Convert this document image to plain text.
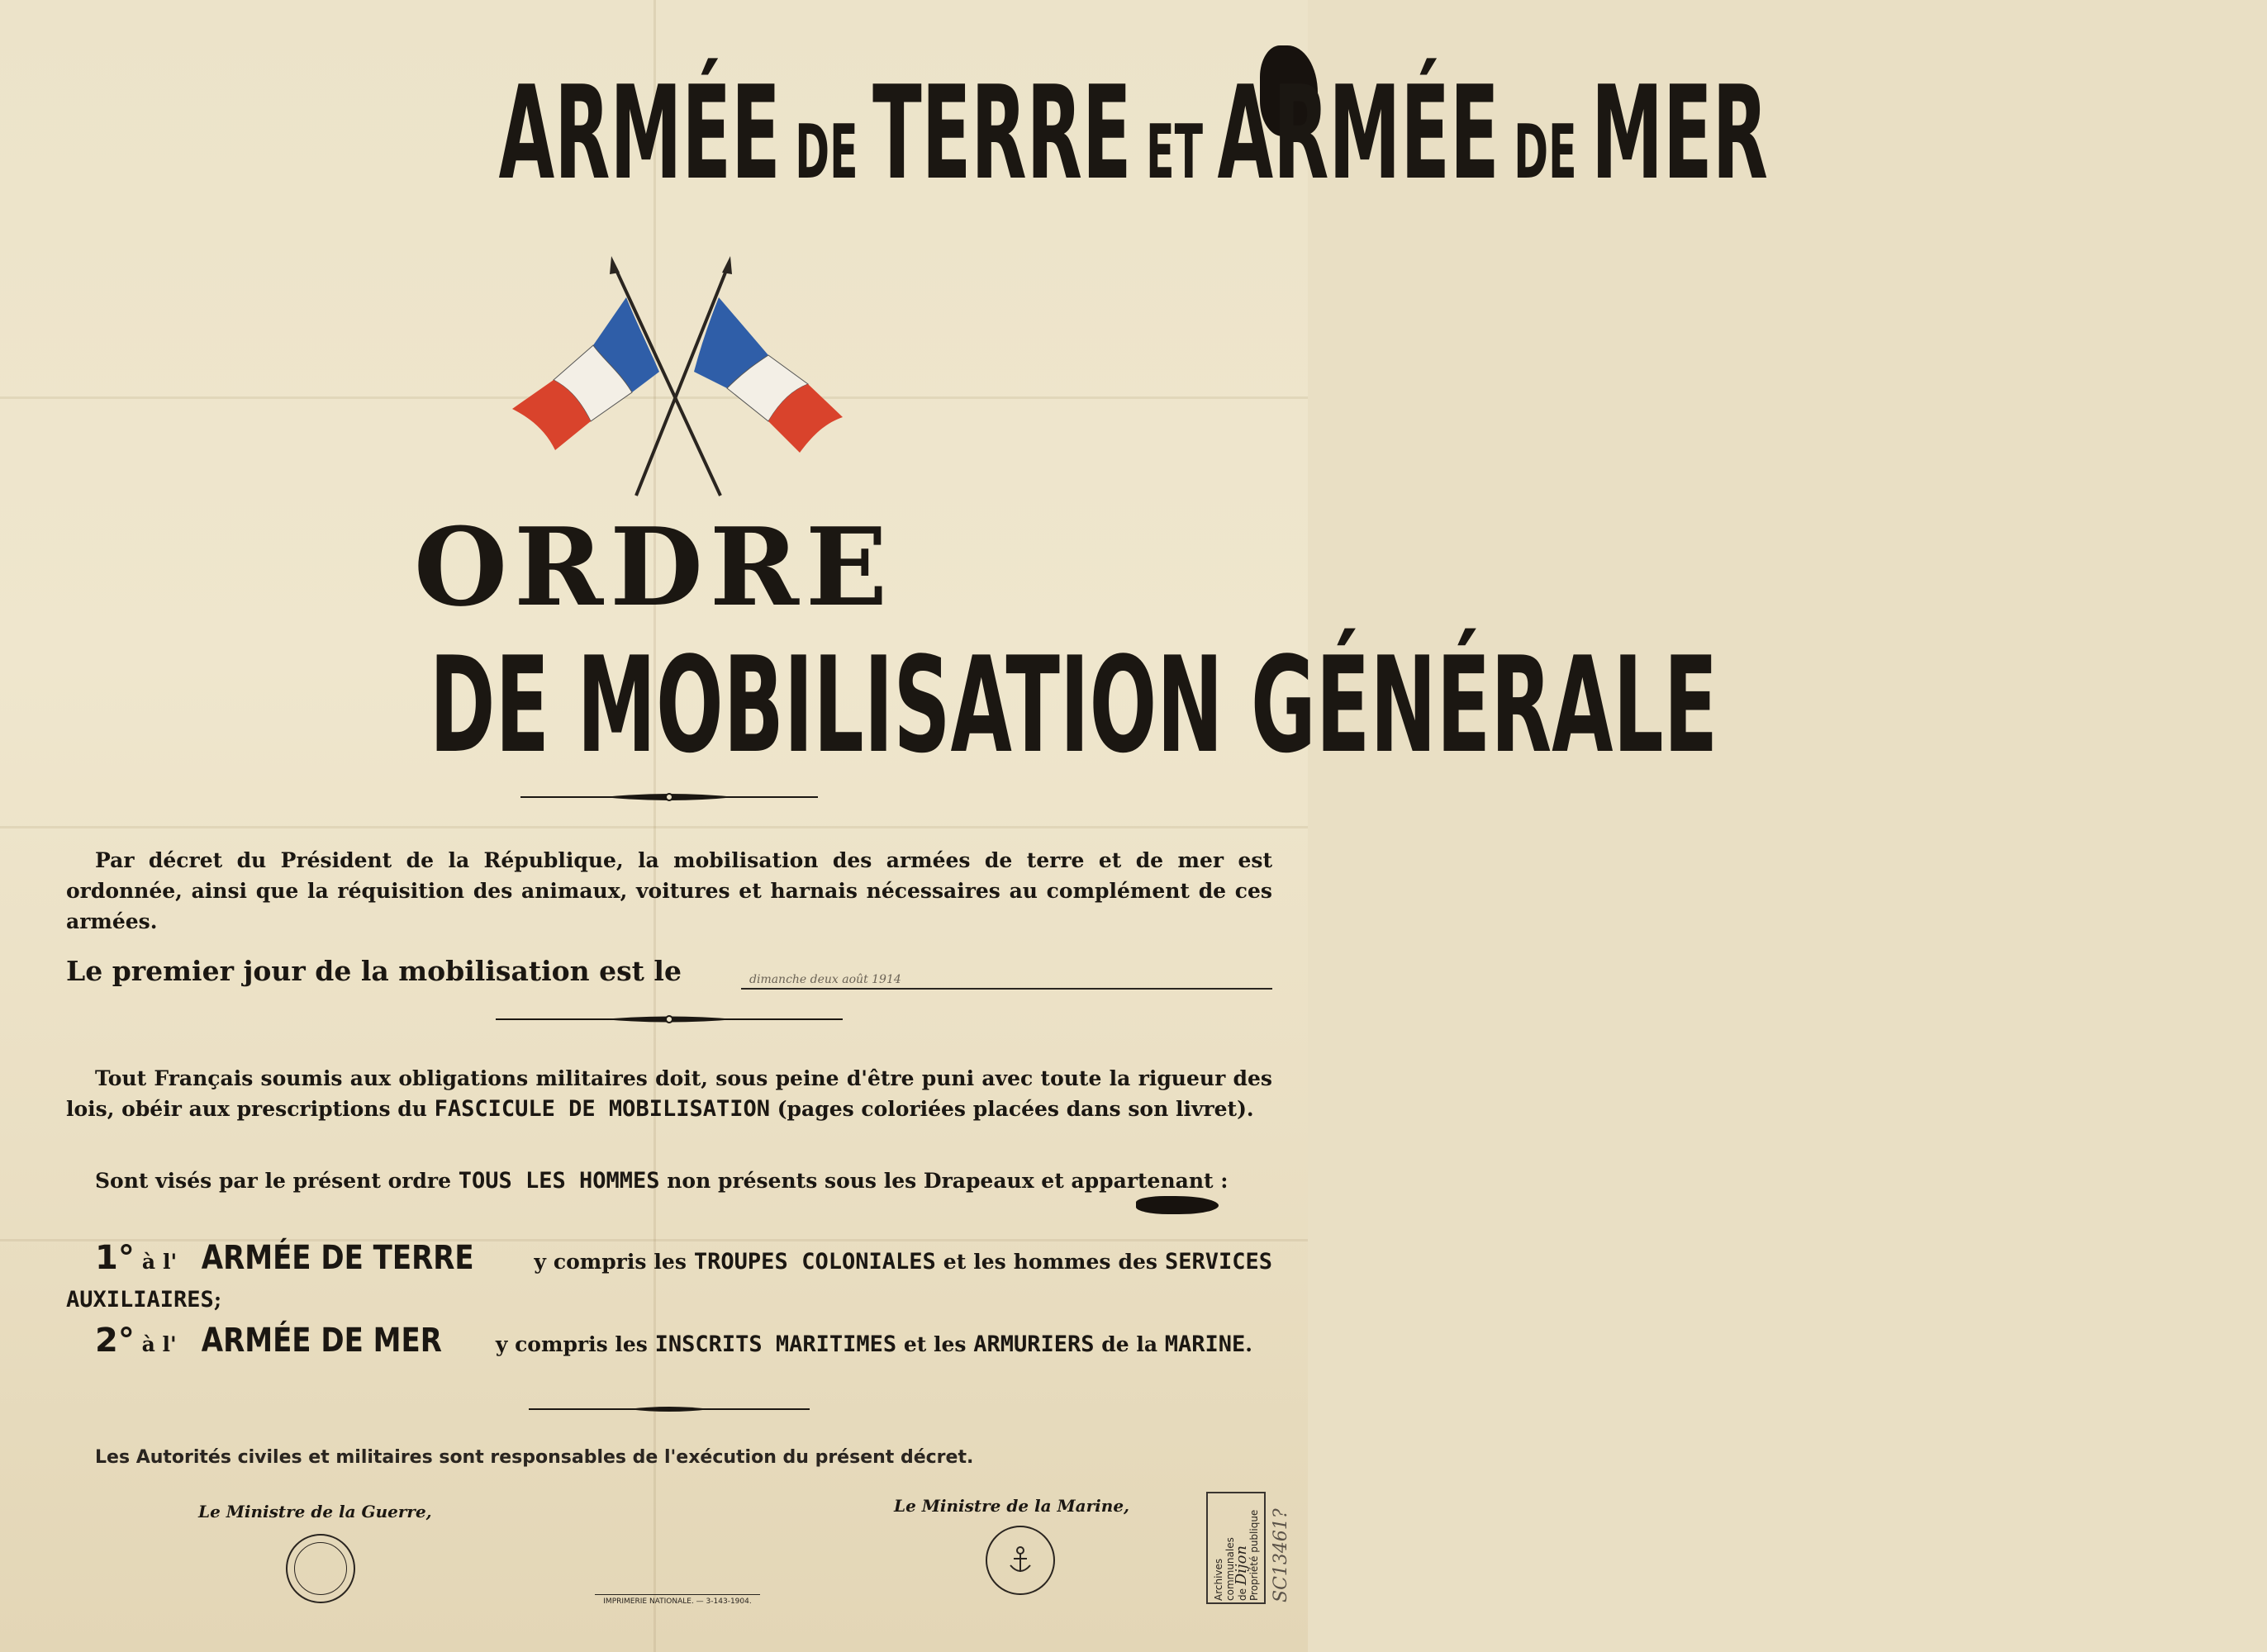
ARMÉE DE TERRE ET ARMÉE DE MER
ORDRE
DE MOBILISATION GÉNÉRALE
Par décret du Président de la République, la mobilisation des armées de terre et de mer est ordonnée, ainsi que la réquisition des animaux, voitures et harnais nécessaires au complément de ces armées.
Le premier jour de la mobilisation est le	dimanche deux août 1914
Tout Français soumis aux obligations militaires doit, sous peine d'être puni avec toute la rigueur des lois, obéir aux prescriptions du FASCICULE DE MOBILISATION (pages coloriées placées dans son livret).
Sont visés par le présent ordre TOUS LES HOMMES non présents sous les Drapeaux et appartenant :
1° à l' ARMÉE DE TERRE	y compris les TROUPES COLONIALES et les hommes des SERVICES AUXILIAIRES;
2° à l' ARMÉE DE MER y compris les INSCRITS MARITIMES et les ARMURIERS de la MARINE.
Les Autorités civiles et militaires sont responsables de l'exécution du présent décret.
Le Ministre de la Guerre,	Le Ministre de la Marine,
IMPRIMERIE NATIONALE. — 3-143-1904.
Archives communales de Dijon
Propriété publique SC13461?
